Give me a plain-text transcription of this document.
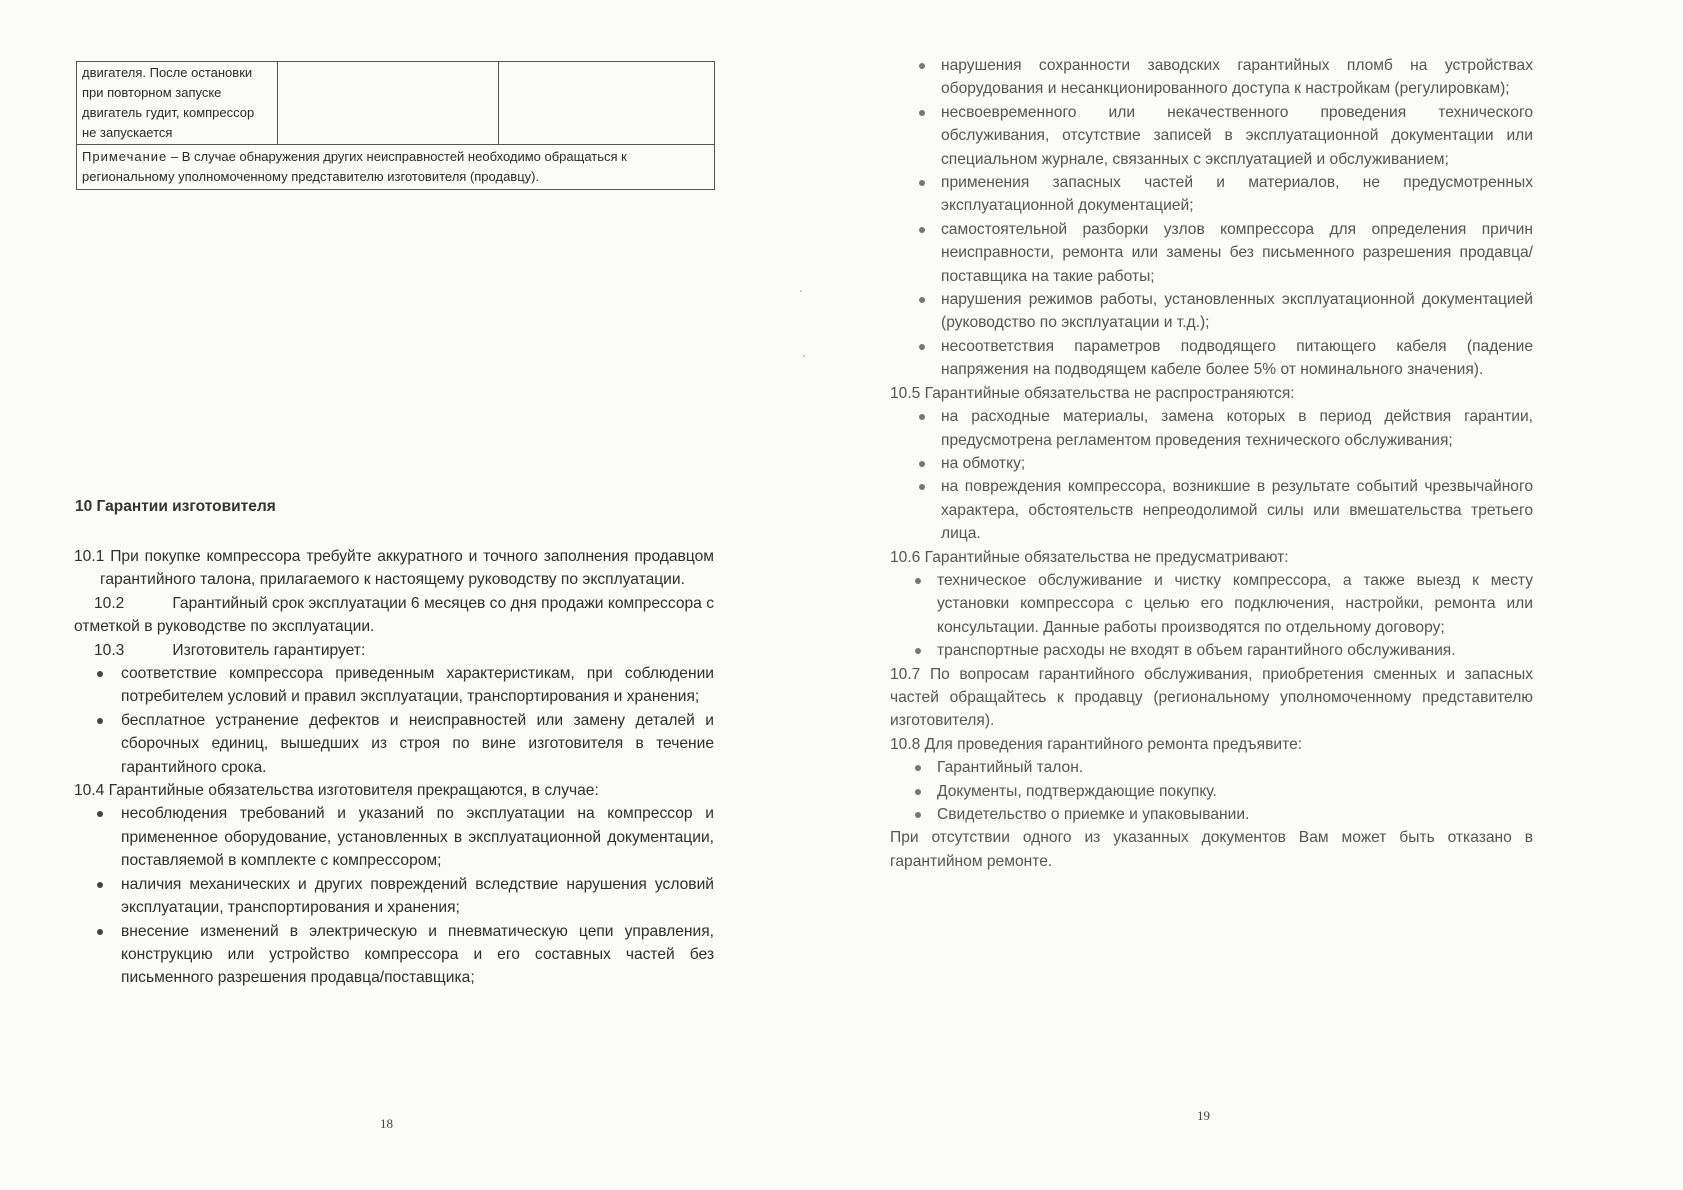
двигателя. После остановки при повторном запуске двигатель гудит, компрессор не запускается		
Примечание – В случае обнаружения других неисправностей необходимо обращаться к региональному уполномоченному представителю изготовителя (продавцу).
10 Гарантии изготовителя

10.1 При покупке компрессора требуйте аккуратного и точного заполнения продавцом гарантийного талона, прилагаемого к настоящему руководству по эксплуатации.

10.2	Гарантийный срок эксплуатации 6 месяцев со дня продажи компрессора с отметкой в руководстве по эксплуатации.

10.3	Изготовитель гарантирует:

соответствие компрессора приведенным характеристикам, при соблюдении потребителем условий и правил эксплуатации, транспортирования и хранения;
бесплатное устранение дефектов и неисправностей или замену деталей и сборочных единиц, вышедших из строя по вине изготовителя в течение гарантийного срока.

10.4 Гарантийные обязательства изготовителя прекращаются, в случае:

несоблюдения требований и указаний по эксплуатации на компрессор и примененное оборудование, установленных в эксплуатационной документации, поставляемой в комплекте с компрессором;
наличия механических и других повреждений вследствие нарушения условий эксплуатации, транспортирования и хранения;
внесение изменений в электрическую и пневматическую цепи управления, конструкцию или устройство компрессора и его составных частей без письменного разрешения продавца/поставщика;
18
нарушения сохранности заводских гарантийных пломб на устройствах оборудования и несанкционированного доступа к настройкам (регулировкам);
несвоевременного или некачественного проведения технического обслуживания, отсутствие записей в эксплуатационной документации или специальном журнале, связанных с эксплуатацией и обслуживанием;
применения запасных частей и материалов, не предусмотренных эксплуатационной документацией;
самостоятельной разборки узлов компрессора для определения причин неисправности, ремонта или замены без письменного разрешения продавца/поставщика на такие работы;
нарушения режимов работы, установленных эксплуатационной документацией (руководство по эксплуатации и т.д.);
несоответствия параметров подводящего питающего кабеля (падение напряжения на подводящем кабеле более 5% от номинального значения).

10.5 Гарантийные обязательства не распространяются:

на расходные материалы, замена которых в период действия гарантии, предусмотрена регламентом проведения технического обслуживания;
на обмотку;
на повреждения компрессора, возникшие в результате событий чрезвычайного характера, обстоятельств непреодолимой силы или вмешательства третьего лица.

10.6 Гарантийные обязательства не предусматривают:

техническое обслуживание и чистку компрессора, а также выезд к месту установки компрессора с целью его подключения, настройки, ремонта или консультации. Данные работы производятся по отдельному договору;
транспортные расходы не входят в объем гарантийного обслуживания.

10.7 По вопросам гарантийного обслуживания, приобретения сменных и запасных частей обращайтесь к продавцу (региональному уполномоченному представителю изготовителя).

10.8 Для проведения гарантийного ремонта предъявите:

Гарантийный талон.
Документы, подтверждающие покупку.
Свидетельство о приемке и упаковывании.

При отсутствии одного из указанных документов Вам может быть отказано в гарантийном ремонте.

19
